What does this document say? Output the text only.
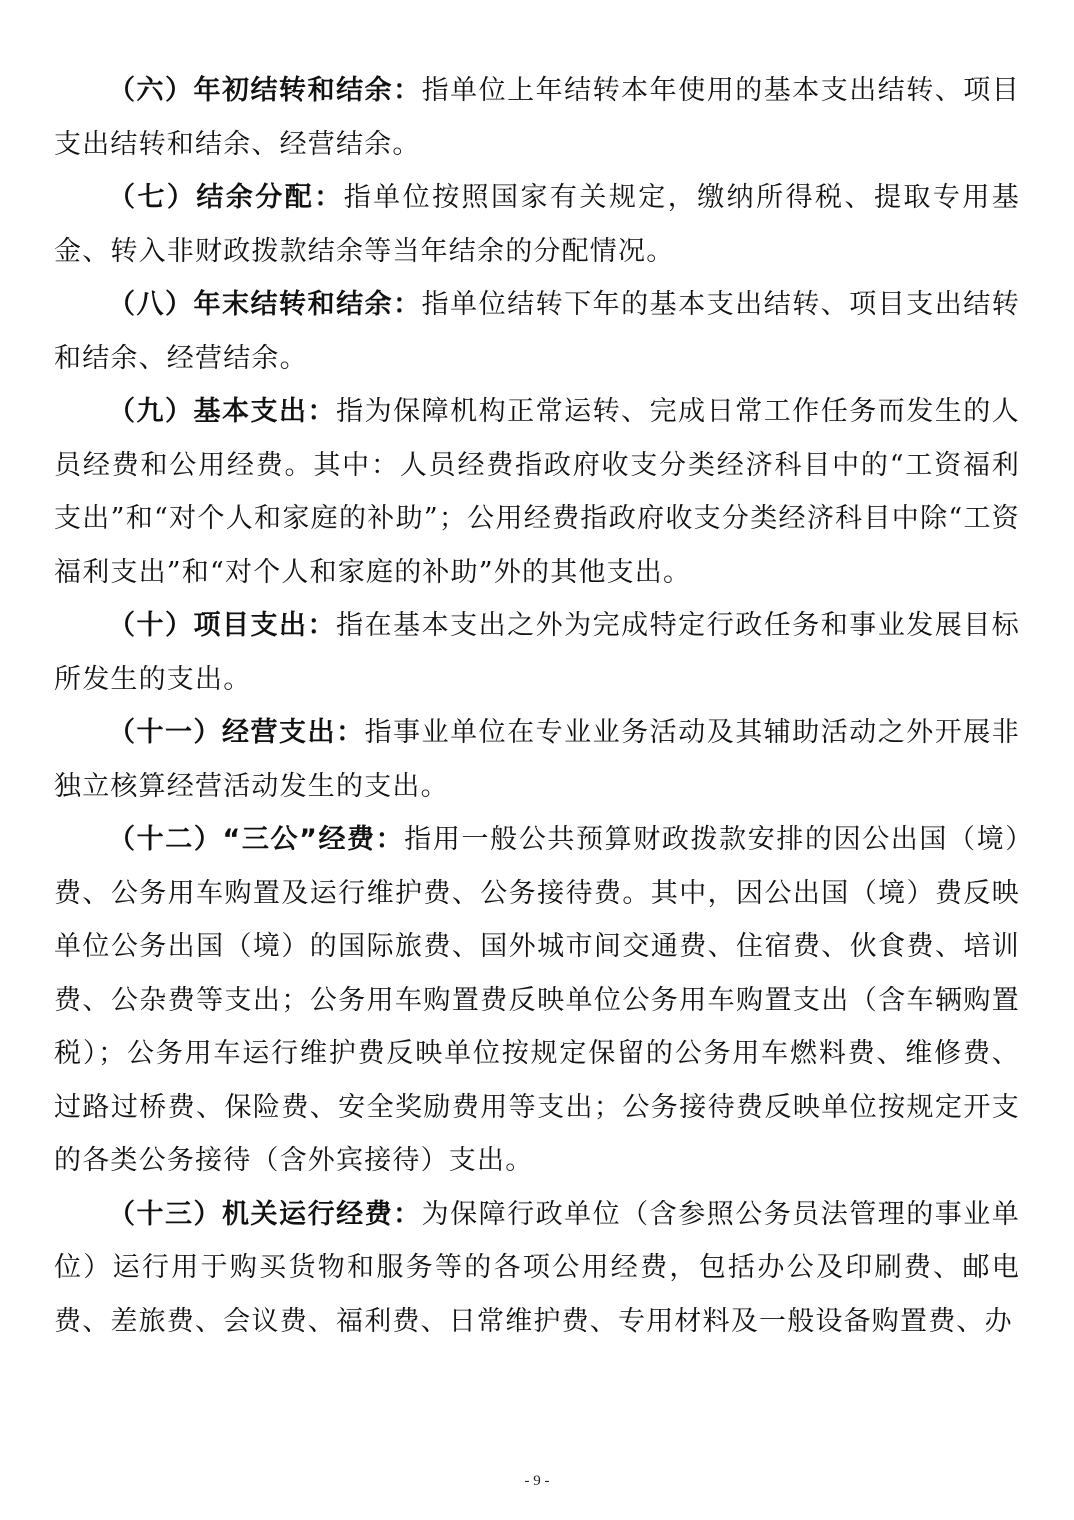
（六）年初结转和结余：指单位上年结转本年使用的基本支出结转、项目支出结转和结余、经营结余。

（七）结余分配：指单位按照国家有关规定，缴纳所得税、提取专用基金、转入非财政拨款结余等当年结余的分配情况。

（八）年末结转和结余：指单位结转下年的基本支出结转、项目支出结转和结余、经营结余。

（九）基本支出：指为保障机构正常运转、完成日常工作任务而发生的人员经费和公用经费。其中：人员经费指政府收支分类经济科目中的“工资福利支出”和“对个人和家庭的补助”；公用经费指政府收支分类经济科目中除“工资福利支出”和“对个人和家庭的补助”外的其他支出。

（十）项目支出：指在基本支出之外为完成特定行政任务和事业发展目标所发生的支出。

（十一）经营支出：指事业单位在专业业务活动及其辅助活动之外开展非独立核算经营活动发生的支出。

（十二）“三公”经费：指用一般公共预算财政拨款安排的因公出国（境）费、公务用车购置及运行维护费、公务接待费。其中，因公出国（境）费反映单位公务出国（境）的国际旅费、国外城市间交通费、住宿费、伙食费、培训费、公杂费等支出；公务用车购置费反映单位公务用车购置支出（含车辆购置税）；公务用车运行维护费反映单位按规定保留的公务用车燃料费、维修费、过路过桥费、保险费、安全奖励费用等支出；公务接待费反映单位按规定开支的各类公务接待（含外宾接待）支出。

（十三）机关运行经费：为保障行政单位（含参照公务员法管理的事业单位）运行用于购买货物和服务等的各项公用经费，包括办公及印刷费、邮电费、差旅费、会议费、福利费、日常维护费、专用材料及一般设备购置费、办

- 9 -
